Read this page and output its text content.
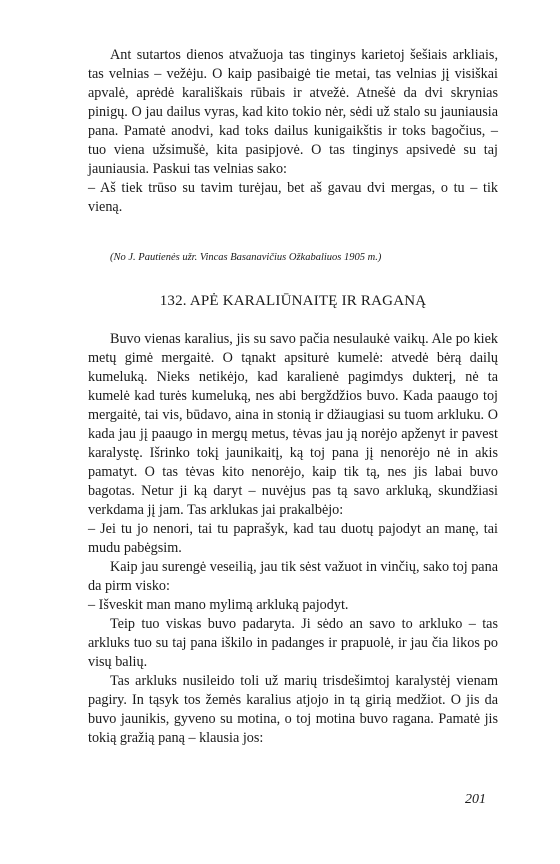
Ant sutartos dienos atvažuoja tas tinginys karietoj šešiais arkliais, tas velnias – vežėju. O kaip pasibaigė tie metai, tas velnias jį visiškai apvalė, aprėdė karališkais rūbais ir atvežė. Atnešė da dvi skrynias pinigų. O jau dailus vyras, kad kito tokio nėr, sėdi už stalo su jauniausia pana. Pamatė anodvi, kad toks dailus kunigaikštis ir toks bagočius, – tuo viena užsimušė, kita pasipjovė. O tas tinginys apsivedė su taj jauniausia. Paskui tas velnias sako:

– Aš tiek trūso su tavim turėjau, bet aš gavau dvi mergas, o tu – tik vieną.

(No J. Pautienės užr. Vincas Basanavičius Ožkabaliuos 1905 m.)
132. APĖ KARALIŪNAITĘ IR RAGANĄ

Buvo vienas karalius, jis su savo pačia nesulaukė vaikų. Ale po kiek metų gimė mergaitė. O tąnakt apsiturė kumelė: atvedė bėrą dailų kumeluką. Nieks netikėjo, kad karalienė pagimdys dukterį, nė ta kumelė kad turės kumeluką, nes abi bergždžios buvo. Kada paaugo toj mergaitė, tai vis, būdavo, aina in stonią ir džiaugiasi su tuom arkluku. O kada jau jį paaugo in mergų metus, tėvas jau ją norėjo apženyt ir pavest karalystę. Išrinko tokį jaunikaitį, ką toj pana jį nenorėjo nė in akis pamatyt. O tas tėvas kito nenorėjo, kaip tik tą, nes jis labai buvo bagotas. Netur ji ką daryt – nuvėjus pas tą savo arkluką, skundžiasi verkdama jį jam. Tas arklukas jai prakalbėjo:

– Jei tu jo nenori, tai tu paprašyk, kad tau duotų pajodyt an manę, tai mudu pabėgsim.

Kaip jau surengė veseilią, jau tik sėst važuot in vinčių, sako toj pana da pirm visko:

– Išveskit man mano mylimą arkluką pajodyt.

Teip tuo viskas buvo padaryta. Ji sėdo an savo to arkluko – tas arkluks tuo su taj pana iškilo in padanges ir prapuolė, ir jau čia likos po visų balių.

Tas arkluks nusileido toli už marių trisdešimtoj karalystėj vienam pagiry. In tąsyk tos žemės karalius atjojo in tą girią medžiot. O jis da buvo jaunikis, gyveno su motina, o toj motina buvo ragana. Pamatė jis tokią gražią paną – klausia jos:

201
